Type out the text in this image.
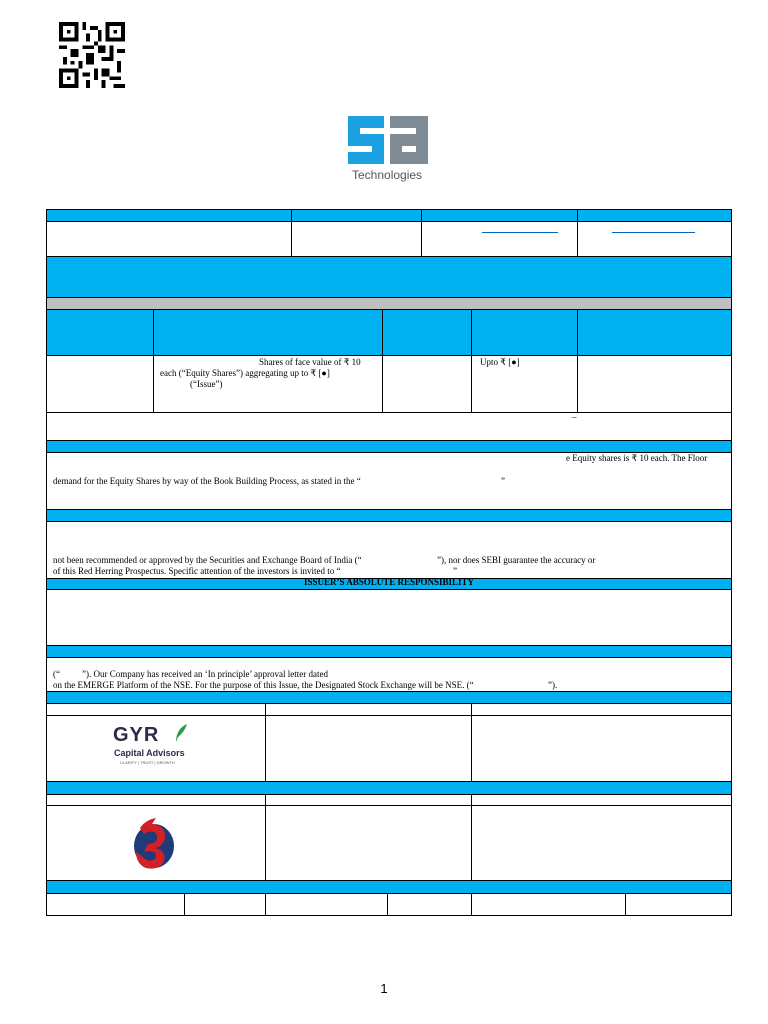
Technologies
Shares of face value of ₹ 10
each (“Equity Shares”) aggregating up to ₹ [●]
(“Issue”)
Upto ₹ [●]
–
e Equity shares is ₹ 10 each. The Floor
demand for the Equity Shares by way of the Book Building Process, as stated in the “	”
not been recommended or approved by the Securities and Exchange Board of India (“	”), nor does SEBI guarantee the accuracy or
of this Red Herring Prospectus. Specific attention of the investors is invited to “	”
ISSUER’S ABSOLUTE RESPONSIBILITY
(“ ”). Our Company has received an ‘In principle’ approval letter dated
on the EMERGE Platform of the NSE. For the purpose of this Issue, the Designated Stock Exchange will be NSE. (“	”).
GYR
Capital Advisors
CLARITY | TRUST | GROWTH
1
